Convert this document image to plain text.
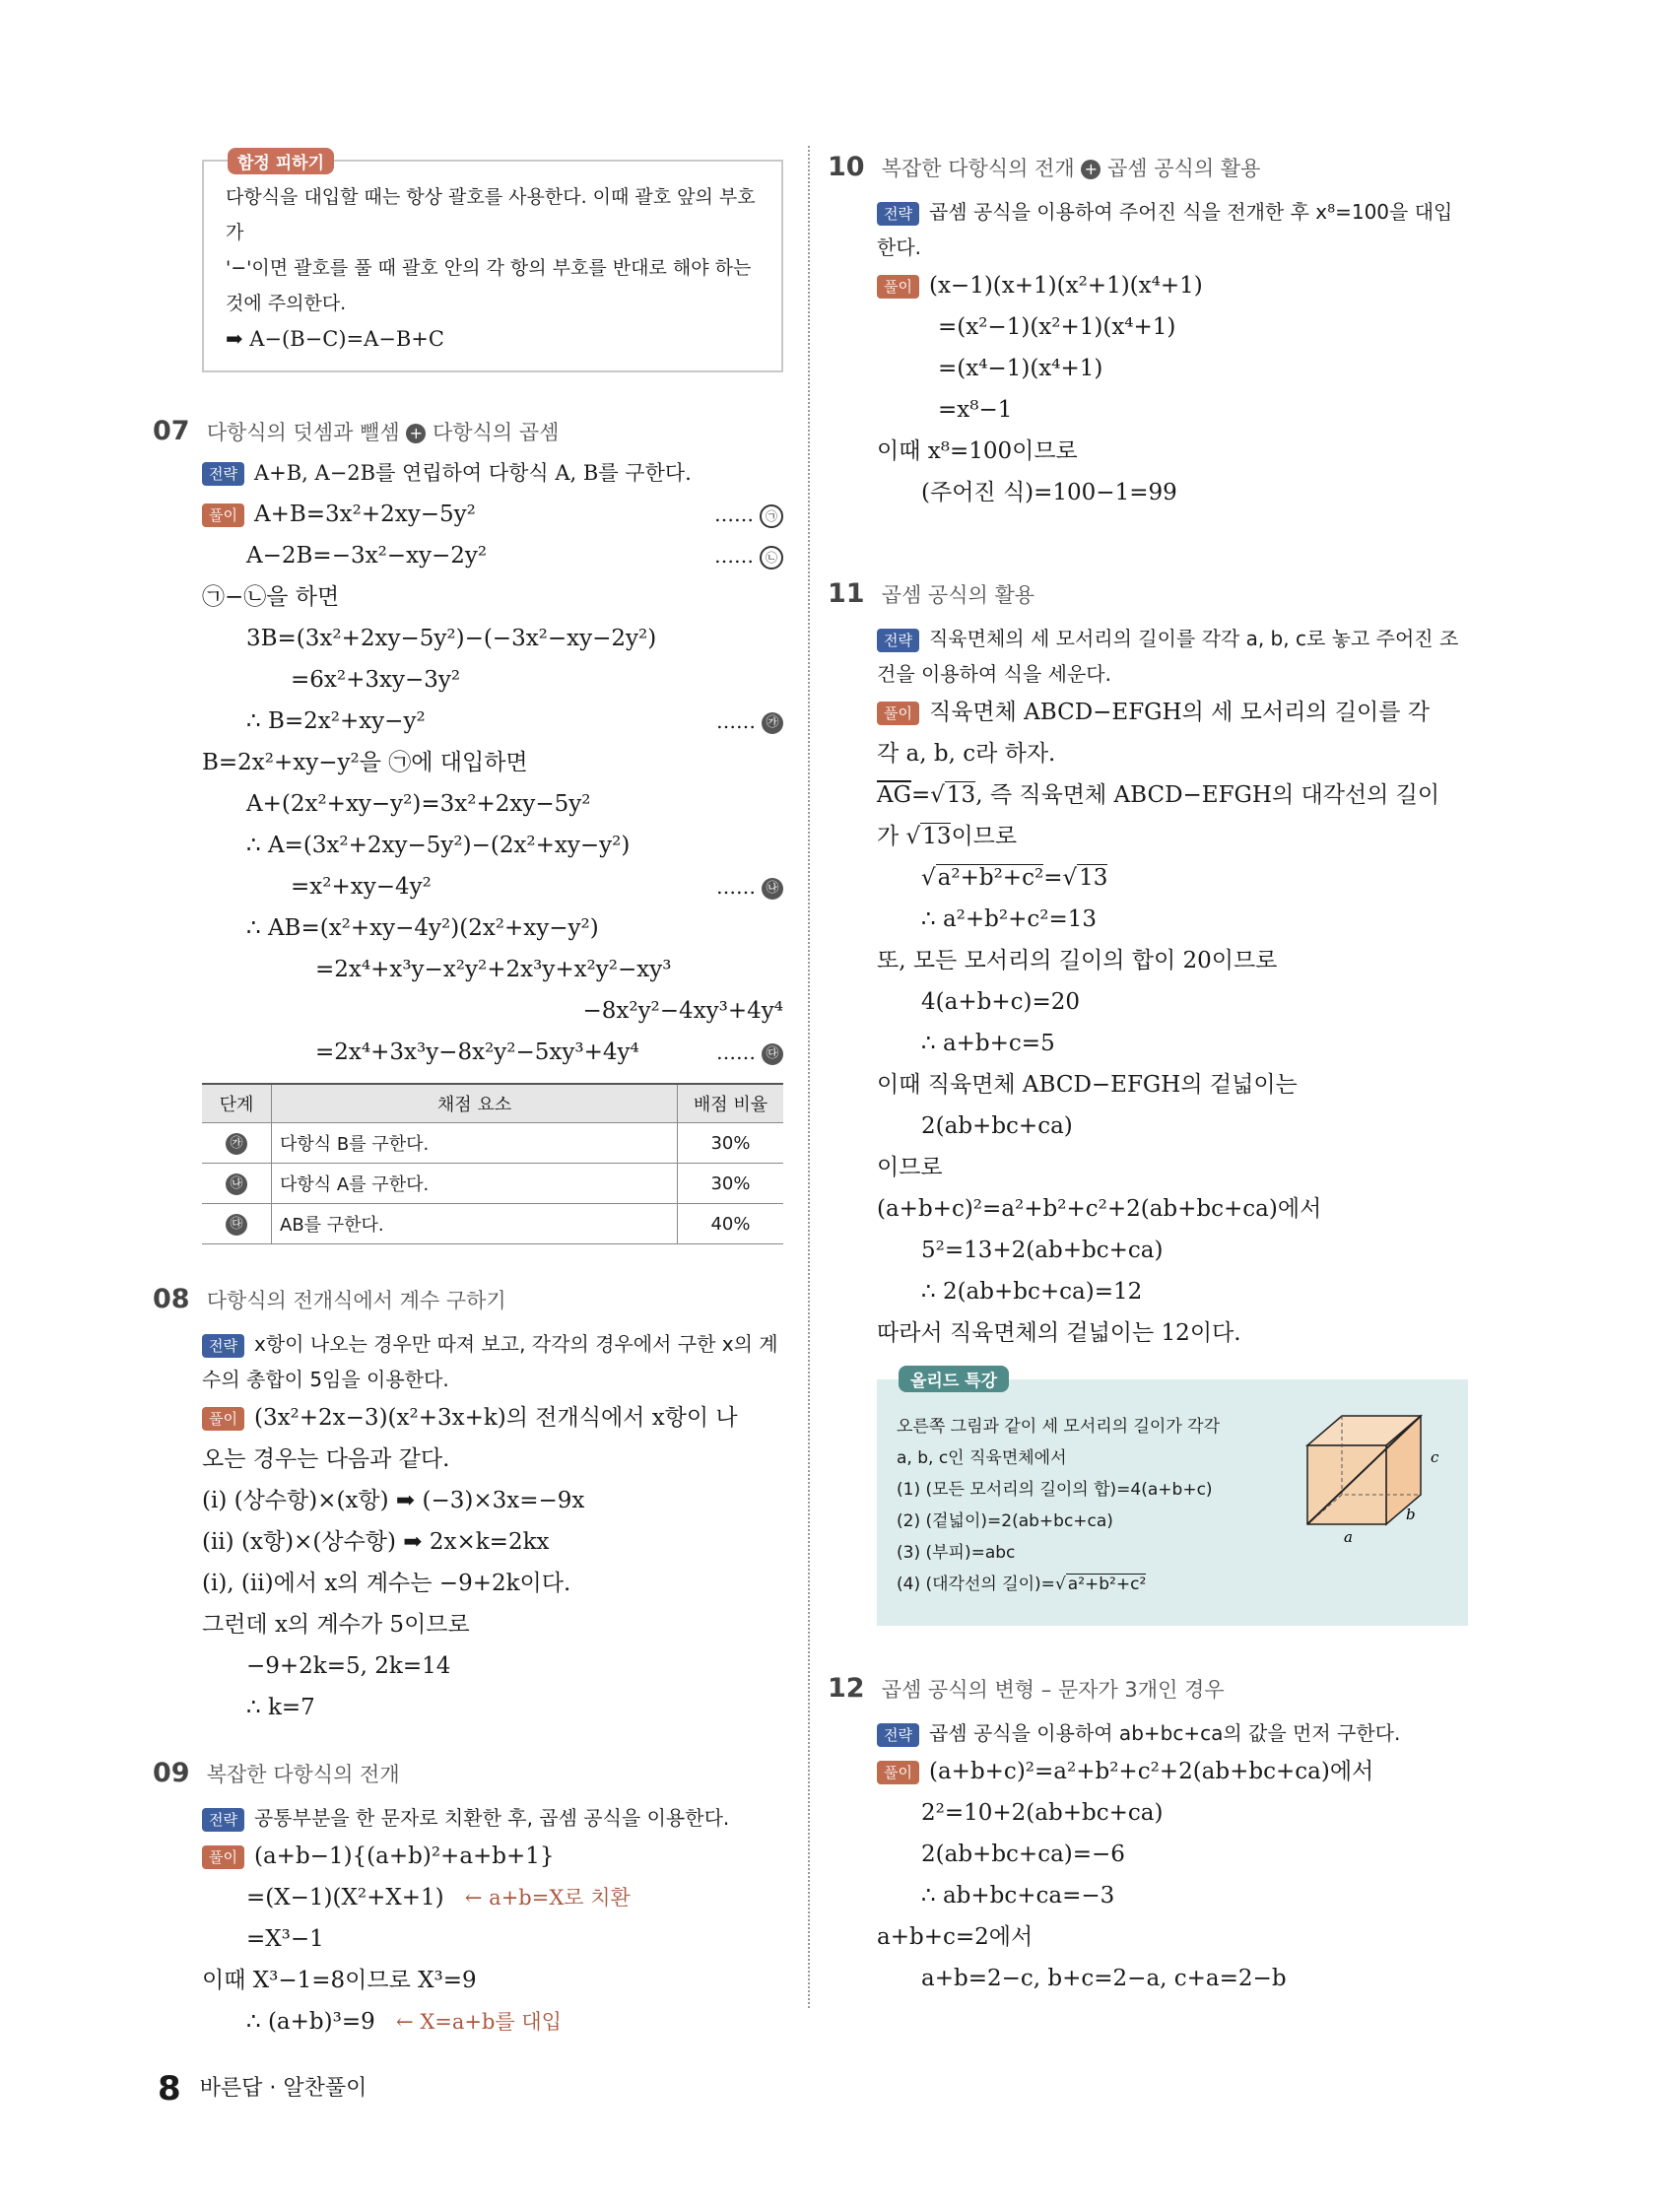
함정 피하기
다항식을 대입할 때는 항상 괄호를 사용한다. 이때 괄호 앞의 부호가
'−'이면 괄호를 풀 때 괄호 안의 각 항의 부호를 반대로 해야 하는
것에 주의한다.
➡ A−(B−C)=A−B+C
07 다항식의 덧셈과 뺄셈 + 다항식의 곱셈
전략 A+B, A−2B를 연립하여 다항식 A, B를 구한다.
풀이 A+B=3x²+2xy−5y²	…… ㉠
A−2B=−3x²−xy−2y²	…… ㉡
㉠−㉡을 하면
3B=(3x²+2xy−5y²)−(−3x²−xy−2y²)
=6x²+3xy−3y²
∴ B=2x²+xy−y²	…… ㉮
B=2x²+xy−y²을 ㉠에 대입하면
A+(2x²+xy−y²)=3x²+2xy−5y²
∴ A=(3x²+2xy−5y²)−(2x²+xy−y²)
=x²+xy−4y²	…… ㉯
∴ AB=(x²+xy−4y²)(2x²+xy−y²)
=2x⁴+x³y−x²y²+2x³y+x²y²−xy³
−8x²y²−4xy³+4y⁴
=2x⁴+3x³y−8x²y²−5xy³+4y⁴	…… ㉰
단계	채점 요소	배점 비율
㉮	다항식 B를 구한다.	30%
㉯	다항식 A를 구한다.	30%
㉰	AB를 구한다.	40%
08 다항식의 전개식에서 계수 구하기
전략 x항이 나오는 경우만 따져 보고, 각각의 경우에서 구한 x의 계
수의 총합이 5임을 이용한다.
풀이 (3x²+2x−3)(x²+3x+k)의 전개식에서 x항이 나
오는 경우는 다음과 같다.
(ⅰ) (상수항)×(x항) ➡ (−3)×3x=−9x
(ⅱ) (x항)×(상수항) ➡ 2x×k=2kx
(ⅰ), (ⅱ)에서 x의 계수는 −9+2k이다.
그런데 x의 계수가 5이므로
−9+2k=5, 2k=14
∴ k=7
09 복잡한 다항식의 전개
전략 공통부분을 한 문자로 치환한 후, 곱셈 공식을 이용한다.
풀이 (a+b−1){(a+b)²+a+b+1}
=(X−1)(X²+X+1) ← a+b=X로 치환
=X³−1
이때 X³−1=8이므로 X³=9
∴ (a+b)³=9 ← X=a+b를 대입
10 복잡한 다항식의 전개 + 곱셈 공식의 활용
전략 곱셈 공식을 이용하여 주어진 식을 전개한 후 x⁸=100을 대입
한다.
풀이 (x−1)(x+1)(x²+1)(x⁴+1)
=(x²−1)(x²+1)(x⁴+1)
=(x⁴−1)(x⁴+1)
=x⁸−1
이때 x⁸=100이므로
(주어진 식)=100−1=99
11 곱셈 공식의 활용
전략 직육면체의 세 모서리의 길이를 각각 a, b, c로 놓고 주어진 조
건을 이용하여 식을 세운다.
풀이 직육면체 ABCD−EFGH의 세 모서리의 길이를 각
각 a, b, c라 하자.
$\overline{AG}=√13$, 즉 직육면체 ABCD−EFGH의 대각선의 길이
가 √13이므로
√a²+b²+c²=√13
∴ a²+b²+c²=13
또, 모든 모서리의 길이의 합이 20이므로
4(a+b+c)=20
∴ a+b+c=5
이때 직육면체 ABCD−EFGH의 겉넓이는
2(ab+bc+ca)
이므로
(a+b+c)²=a²+b²+c²+2(ab+bc+ca)에서
5²=13+2(ab+bc+ca)
∴ 2(ab+bc+ca)=12
따라서 직육면체의 겉넓이는 12이다.
올리드 특강
오른쪽 그림과 같이 세 모서리의 길이가 각각
a, b, c인 직육면체에서
(1) (모든 모서리의 길이의 합)=4(a+b+c)
(2) (겉넓이)=2(ab+bc+ca)
(3) (부피)=abc
(4) (대각선의 길이)=√ a²+b²+c²
a
b
c
12 곱셈 공식의 변형 – 문자가 3개인 경우
전략 곱셈 공식을 이용하여 ab+bc+ca의 값을 먼저 구한다.
풀이 (a+b+c)²=a²+b²+c²+2(ab+bc+ca)에서
2²=10+2(ab+bc+ca)
2(ab+bc+ca)=−6
∴ ab+bc+ca=−3
a+b+c=2에서
a+b=2−c, b+c=2−a, c+a=2−b
8 바른답 · 알찬풀이
